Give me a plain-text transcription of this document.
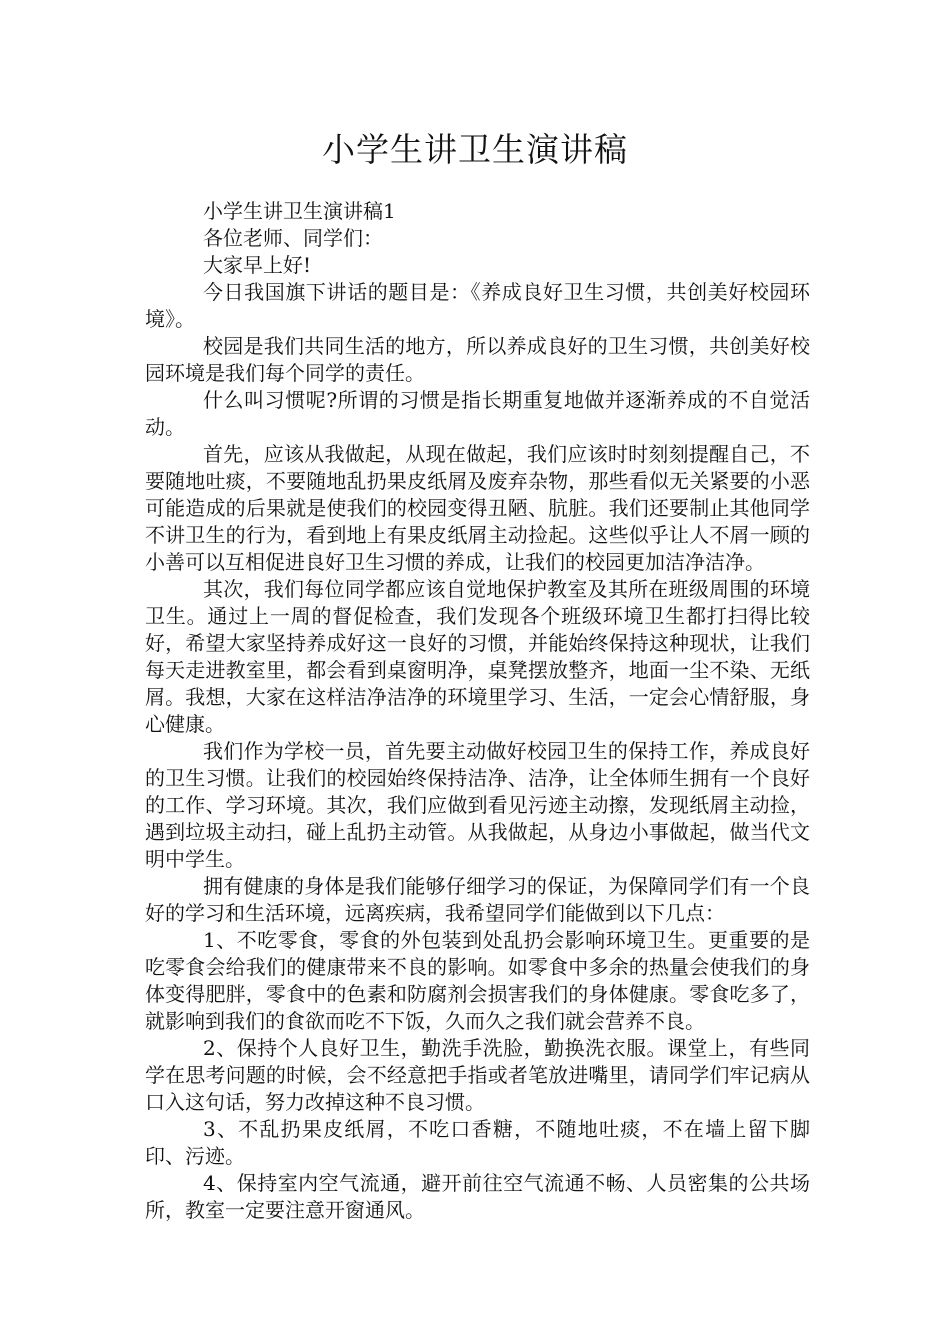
小学生讲卫生演讲稿

小学生讲卫生演讲稿1

各位老师、同学们：

大家早上好!

今日我国旗下讲话的题目是：《养成良好卫生习惯，共创美好校园环境》。

校园是我们共同生活的地方，所以养成良好的卫生习惯，共创美好校园环境是我们每个同学的责任。

什么叫习惯呢?所谓的习惯是指长期重复地做并逐渐养成的不自觉活动。

首先，应该从我做起，从现在做起，我们应该时时刻刻提醒自己，不要随地吐痰，不要随地乱扔果皮纸屑及废弃杂物，那些看似无关紧要的小恶可能造成的后果就是使我们的校园变得丑陋、肮脏。我们还要制止其他同学不讲卫生的行为，看到地上有果皮纸屑主动捡起。这些似乎让人不屑一顾的小善可以互相促进良好卫生习惯的养成，让我们的校园更加洁净洁净。

其次，我们每位同学都应该自觉地保护教室及其所在班级周围的环境卫生。通过上一周的督促检查，我们发现各个班级环境卫生都打扫得比较好，希望大家坚持养成好这一良好的习惯，并能始终保持这种现状，让我们每天走进教室里，都会看到桌窗明净，桌凳摆放整齐，地面一尘不染、无纸屑。我想，大家在这样洁净洁净的环境里学习、生活，一定会心情舒服，身心健康。

我们作为学校一员，首先要主动做好校园卫生的保持工作，养成良好的卫生习惯。让我们的校园始终保持洁净、洁净，让全体师生拥有一个良好的工作、学习环境。其次，我们应做到看见污迹主动擦，发现纸屑主动捡，遇到垃圾主动扫，碰上乱扔主动管。从我做起，从身边小事做起，做当代文明中学生。

拥有健康的身体是我们能够仔细学习的保证，为保障同学们有一个良好的学习和生活环境，远离疾病，我希望同学们能做到以下几点：

1、不吃零食，零食的外包装到处乱扔会影响环境卫生。更重要的是吃零食会给我们的健康带来不良的影响。如零食中多余的热量会使我们的身体变得肥胖，零食中的色素和防腐剂会损害我们的身体健康。零食吃多了，就影响到我们的食欲而吃不下饭，久而久之我们就会营养不良。

2、保持个人良好卫生，勤洗手洗脸，勤换洗衣服。课堂上，有些同学在思考问题的时候，会不经意把手指或者笔放进嘴里，请同学们牢记病从口入这句话，努力改掉这种不良习惯。

3、不乱扔果皮纸屑，不吃口香糖，不随地吐痰，不在墙上留下脚印、污迹。

4、保持室内空气流通，避开前往空气流通不畅、人员密集的公共场所，教室一定要注意开窗通风。
